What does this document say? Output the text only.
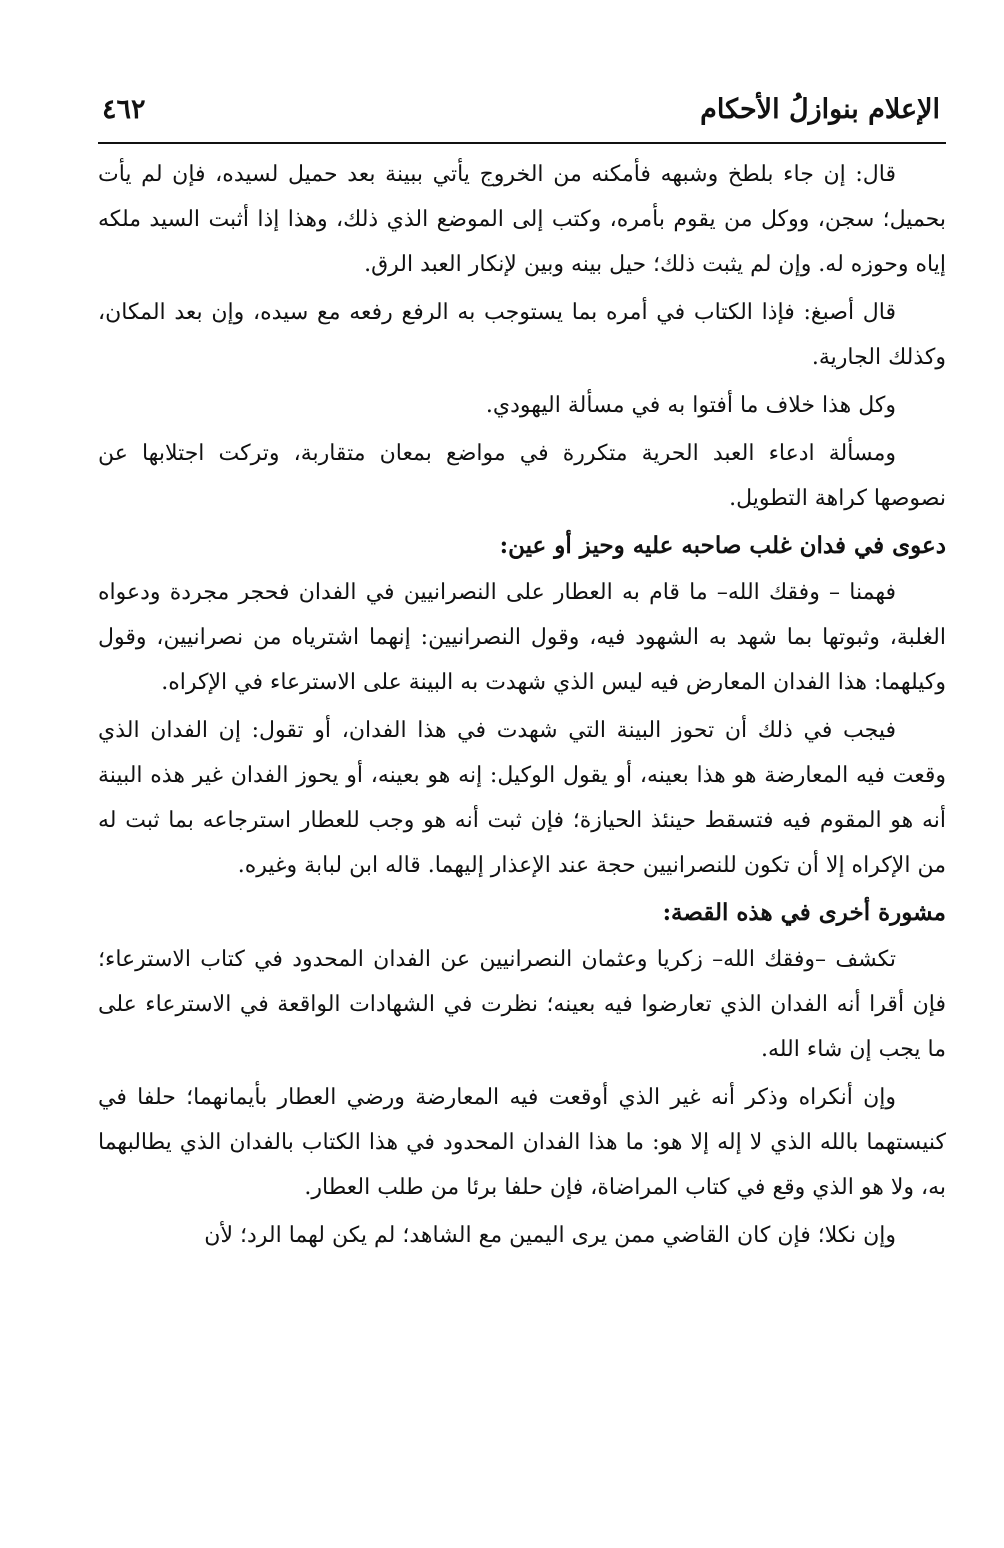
الإعلام بنوازلُ الأحكام
٤٦٢

قال: إن جاء بلطخ وشبهه فأمكنه من الخروج يأتي ببينة بعد حميل لسيده، فإن لم يأت بحميل؛ سجن، ووكل من يقوم بأمره، وكتب إلى الموضع الذي ذلك، وهذا إذا أثبت السيد ملكه إياه وحوزه له. وإن لم يثبت ذلك؛ حيل بينه وبين لإنكار العبد الرق.

قال أصبغ: فإذا الكتاب في أمره بما يستوجب به الرفع رفعه مع سيده، وإن بعد المكان، وكذلك الجارية.

وكل هذا خلاف ما أفتوا به في مسألة اليهودي.

ومسألة ادعاء العبد الحرية متكررة في مواضع بمعان متقاربة، وتركت اجتلابها عن نصوصها كراهة التطويل.

دعوى في فدان غلب صاحبه عليه وحيز أو عين:

فهمنا – وفقك الله– ما قام به العطار على النصرانيين في الفدان فحجر مجردة ودعواه الغلبة، وثبوتها بما شهد به الشهود فيه، وقول النصرانيين: إنهما اشترياه من نصرانيين، وقول وكيلهما: هذا الفدان المعارض فيه ليس الذي شهدت به البينة على الاسترعاء في الإكراه.

فيجب في ذلك أن تحوز البينة التي شهدت في هذا الفدان، أو تقول: إن الفدان الذي وقعت فيه المعارضة هو هذا بعينه، أو يقول الوكيل: إنه هو بعينه، أو يحوز الفدان غير هذه البينة أنه هو المقوم فيه فتسقط حينئذ الحيازة؛ فإن ثبت أنه هو وجب للعطار استرجاعه بما ثبت له من الإكراه إلا أن تكون للنصرانيين حجة عند الإعذار إليهما. قاله ابن لبابة وغيره.

مشورة أخرى في هذه القصة:

تكشف –وفقك الله– زكريا وعثمان النصرانيين عن الفدان المحدود في كتاب الاسترعاء؛ فإن أقرا أنه الفدان الذي تعارضوا فيه بعينه؛ نظرت في الشهادات الواقعة في الاسترعاء على ما يجب إن شاء الله.

وإن أنكراه وذكر أنه غير الذي أوقعت فيه المعارضة ورضي العطار بأيمانهما؛ حلفا في كنيستهما بالله الذي لا إله إلا هو: ما هذا الفدان المحدود في هذا الكتاب بالفدان الذي يطالبهما به، ولا هو الذي وقع في كتاب المراضاة، فإن حلفا برئا من طلب العطار.

وإن نكلا؛ فإن كان القاضي ممن يرى اليمين مع الشاهد؛ لم يكن لهما الرد؛ لأن
